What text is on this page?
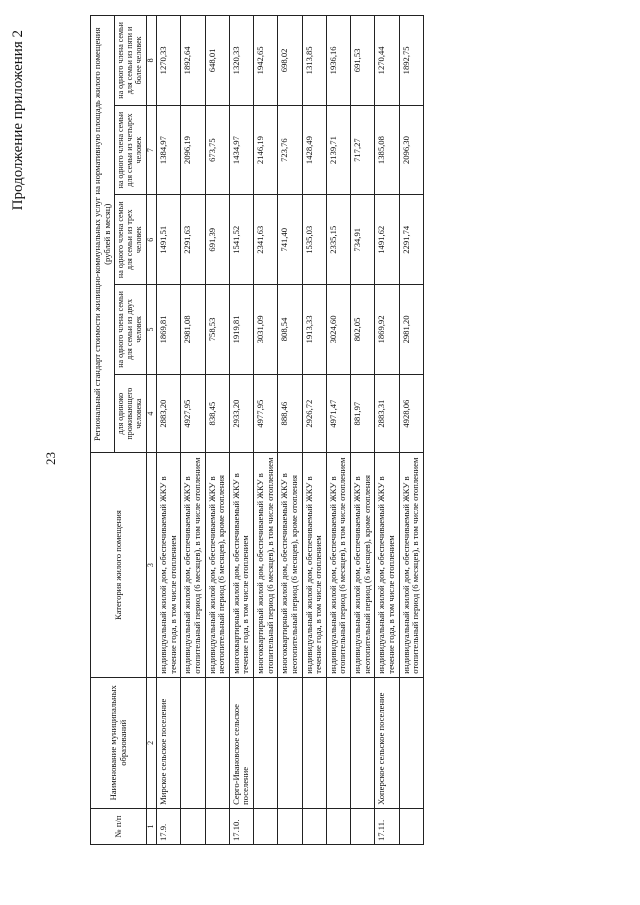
23
Продолжение приложения 2
№ п/п	Наименование муниципальных образований	Категория жилого помещения	Региональный стандарт стоимости жилищно-коммунальных услуг на нормативную площадь жилого помещения (рублей в месяц)				
			для одиноко проживающего человека	на одного члена семьи для семьи из двух человек	на одного члена семьи для семьи из трех человек	на одного члена семьи для семьи из четырех человек	на одного члена семьи для семьи из пяти и более человек
1	2	3	4	5	6	7	8
17.9.	Мирское сельское поселение	индивидуальный жилой дом, обеспечиваемый ЖКУ в течение года, в том числе отоплением	2883,20	1869,81	1491,51	1384,97	1270,33
		индивидуальный жилой дом, обеспечиваемый ЖКУ в отопительный период (6 месяцев), в том числе отоплением	4927,95	2981,08	2291,63	2096,19	1892,64
		индивидуальный жилой дом, обеспечиваемый ЖКУ в неотопительный период (6 месяцев), кроме отопления	838,45	758,53	691,39	673,75	648,01
17.10.	Серго-Ивановское сельское поселение	многоквартирный жилой дом, обеспечиваемый ЖКУ в течение года, в том числе отоплением	2933,20	1919,81	1541,52	1434,97	1320,33
		многоквартирный жилой дом, обеспечиваемый ЖКУ в отопительный период (6 месяцев), в том числе отоплением	4977,95	3031,09	2341,63	2146,19	1942,65
		многоквартирный жилой дом, обеспечиваемый ЖКУ в неотопительный период (6 месяцев), кроме отопления	888,46	808,54	741,40	723,76	698,02
		индивидуальный жилой дом, обеспечиваемый ЖКУ в течение года, в том числе отоплением	2926,72	1913,33	1535,03	1428,49	1313,85
		индивидуальный жилой дом, обеспечиваемый ЖКУ в отопительный период (6 месяцев), в том числе отоплением	4971,47	3024,60	2335,15	2139,71	1936,16
		индивидуальный жилой дом, обеспечиваемый ЖКУ в неотопительный период (6 месяцев), кроме отопления	881,97	802,05	734,91	717,27	691,53
17.11.	Хоперское сельское поселение	индивидуальный жилой дом, обеспечиваемый ЖКУ в течение года, в том числе отоплением	2883,31	1869,92	1491,62	1385,08	1270,44
		индивидуальный жилой дом, обеспечиваемый ЖКУ в отопительный период (6 месяцев), в том числе отоплением	4928,06	2981,20	2291,74	2096,30	1892,75
